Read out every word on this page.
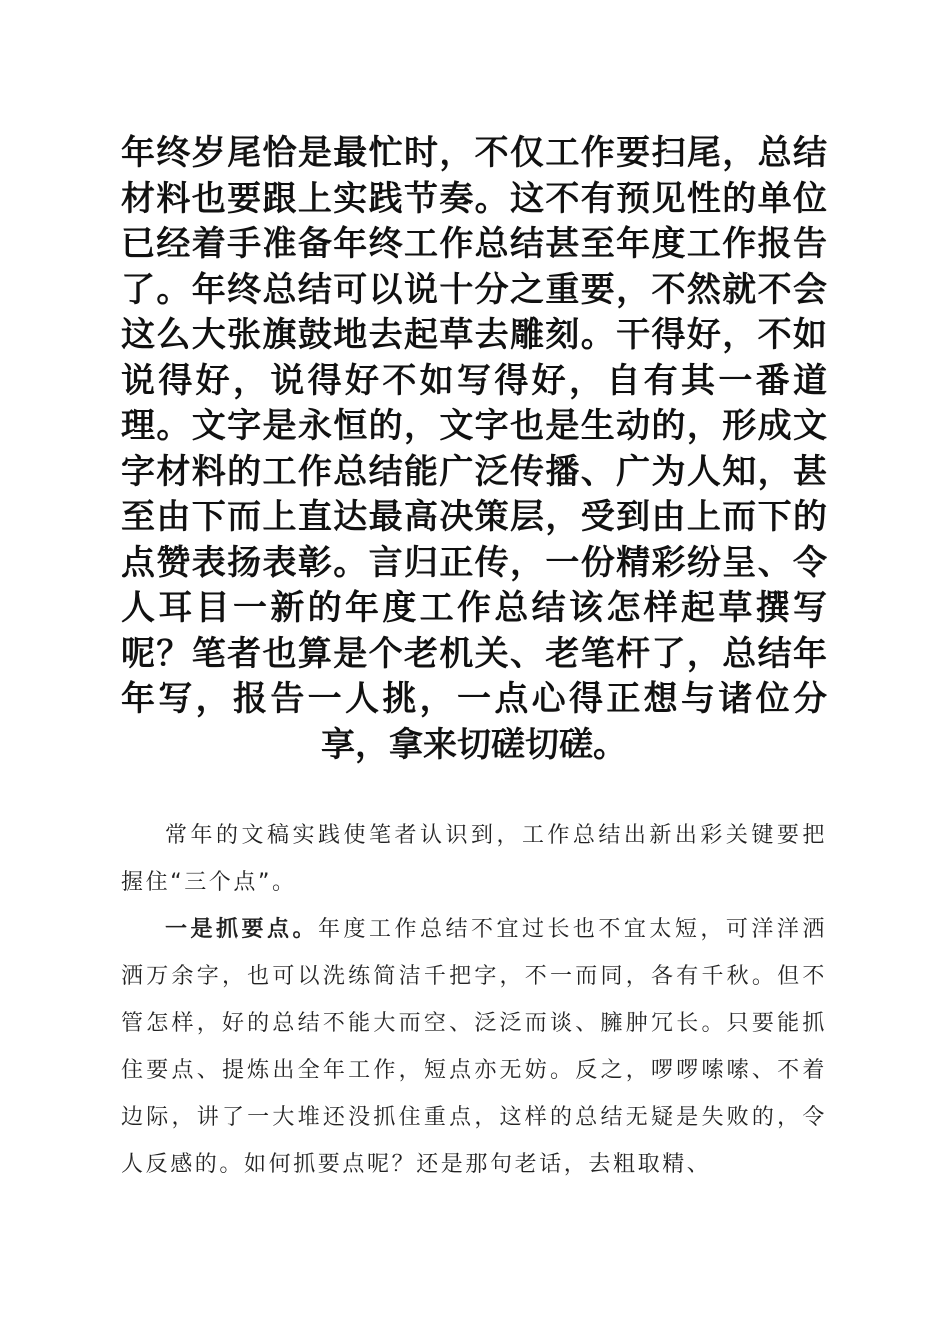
年终岁尾恰是最忙时，不仅工作要扫尾，总结材料也要跟上实践节奏。这不有预见性的单位已经着手准备年终工作总结甚至年度工作报告了。年终总结可以说十分之重要，不然就不会这么大张旗鼓地去起草去雕刻。干得好，不如说得好，说得好不如写得好，自有其一番道理。文字是永恒的，文字也是生动的，形成文字材料的工作总结能广泛传播、广为人知，甚至由下而上直达最高决策层，受到由上而下的点赞表扬表彰。言归正传，一份精彩纷呈、令人耳目一新的年度工作总结该怎样起草撰写呢？笔者也算是个老机关、老笔杆了，总结年年写，报告一人挑，一点心得正想与诸位分享，拿来切磋切磋。

常年的文稿实践使笔者认识到，工作总结出新出彩关键要把握住“三个点”。

一是抓要点。年度工作总结不宜过长也不宜太短，可洋洋洒洒万余字，也可以洗练简洁千把字，不一而同，各有千秋。但不管怎样，好的总结不能大而空、泛泛而谈、臃肿冗长。只要能抓住要点、提炼出全年工作，短点亦无妨。反之，啰啰嗦嗦、不着边际，讲了一大堆还没抓住重点，这样的总结无疑是失败的，令人反感的。如何抓要点呢？还是那句老话，去粗取精、
